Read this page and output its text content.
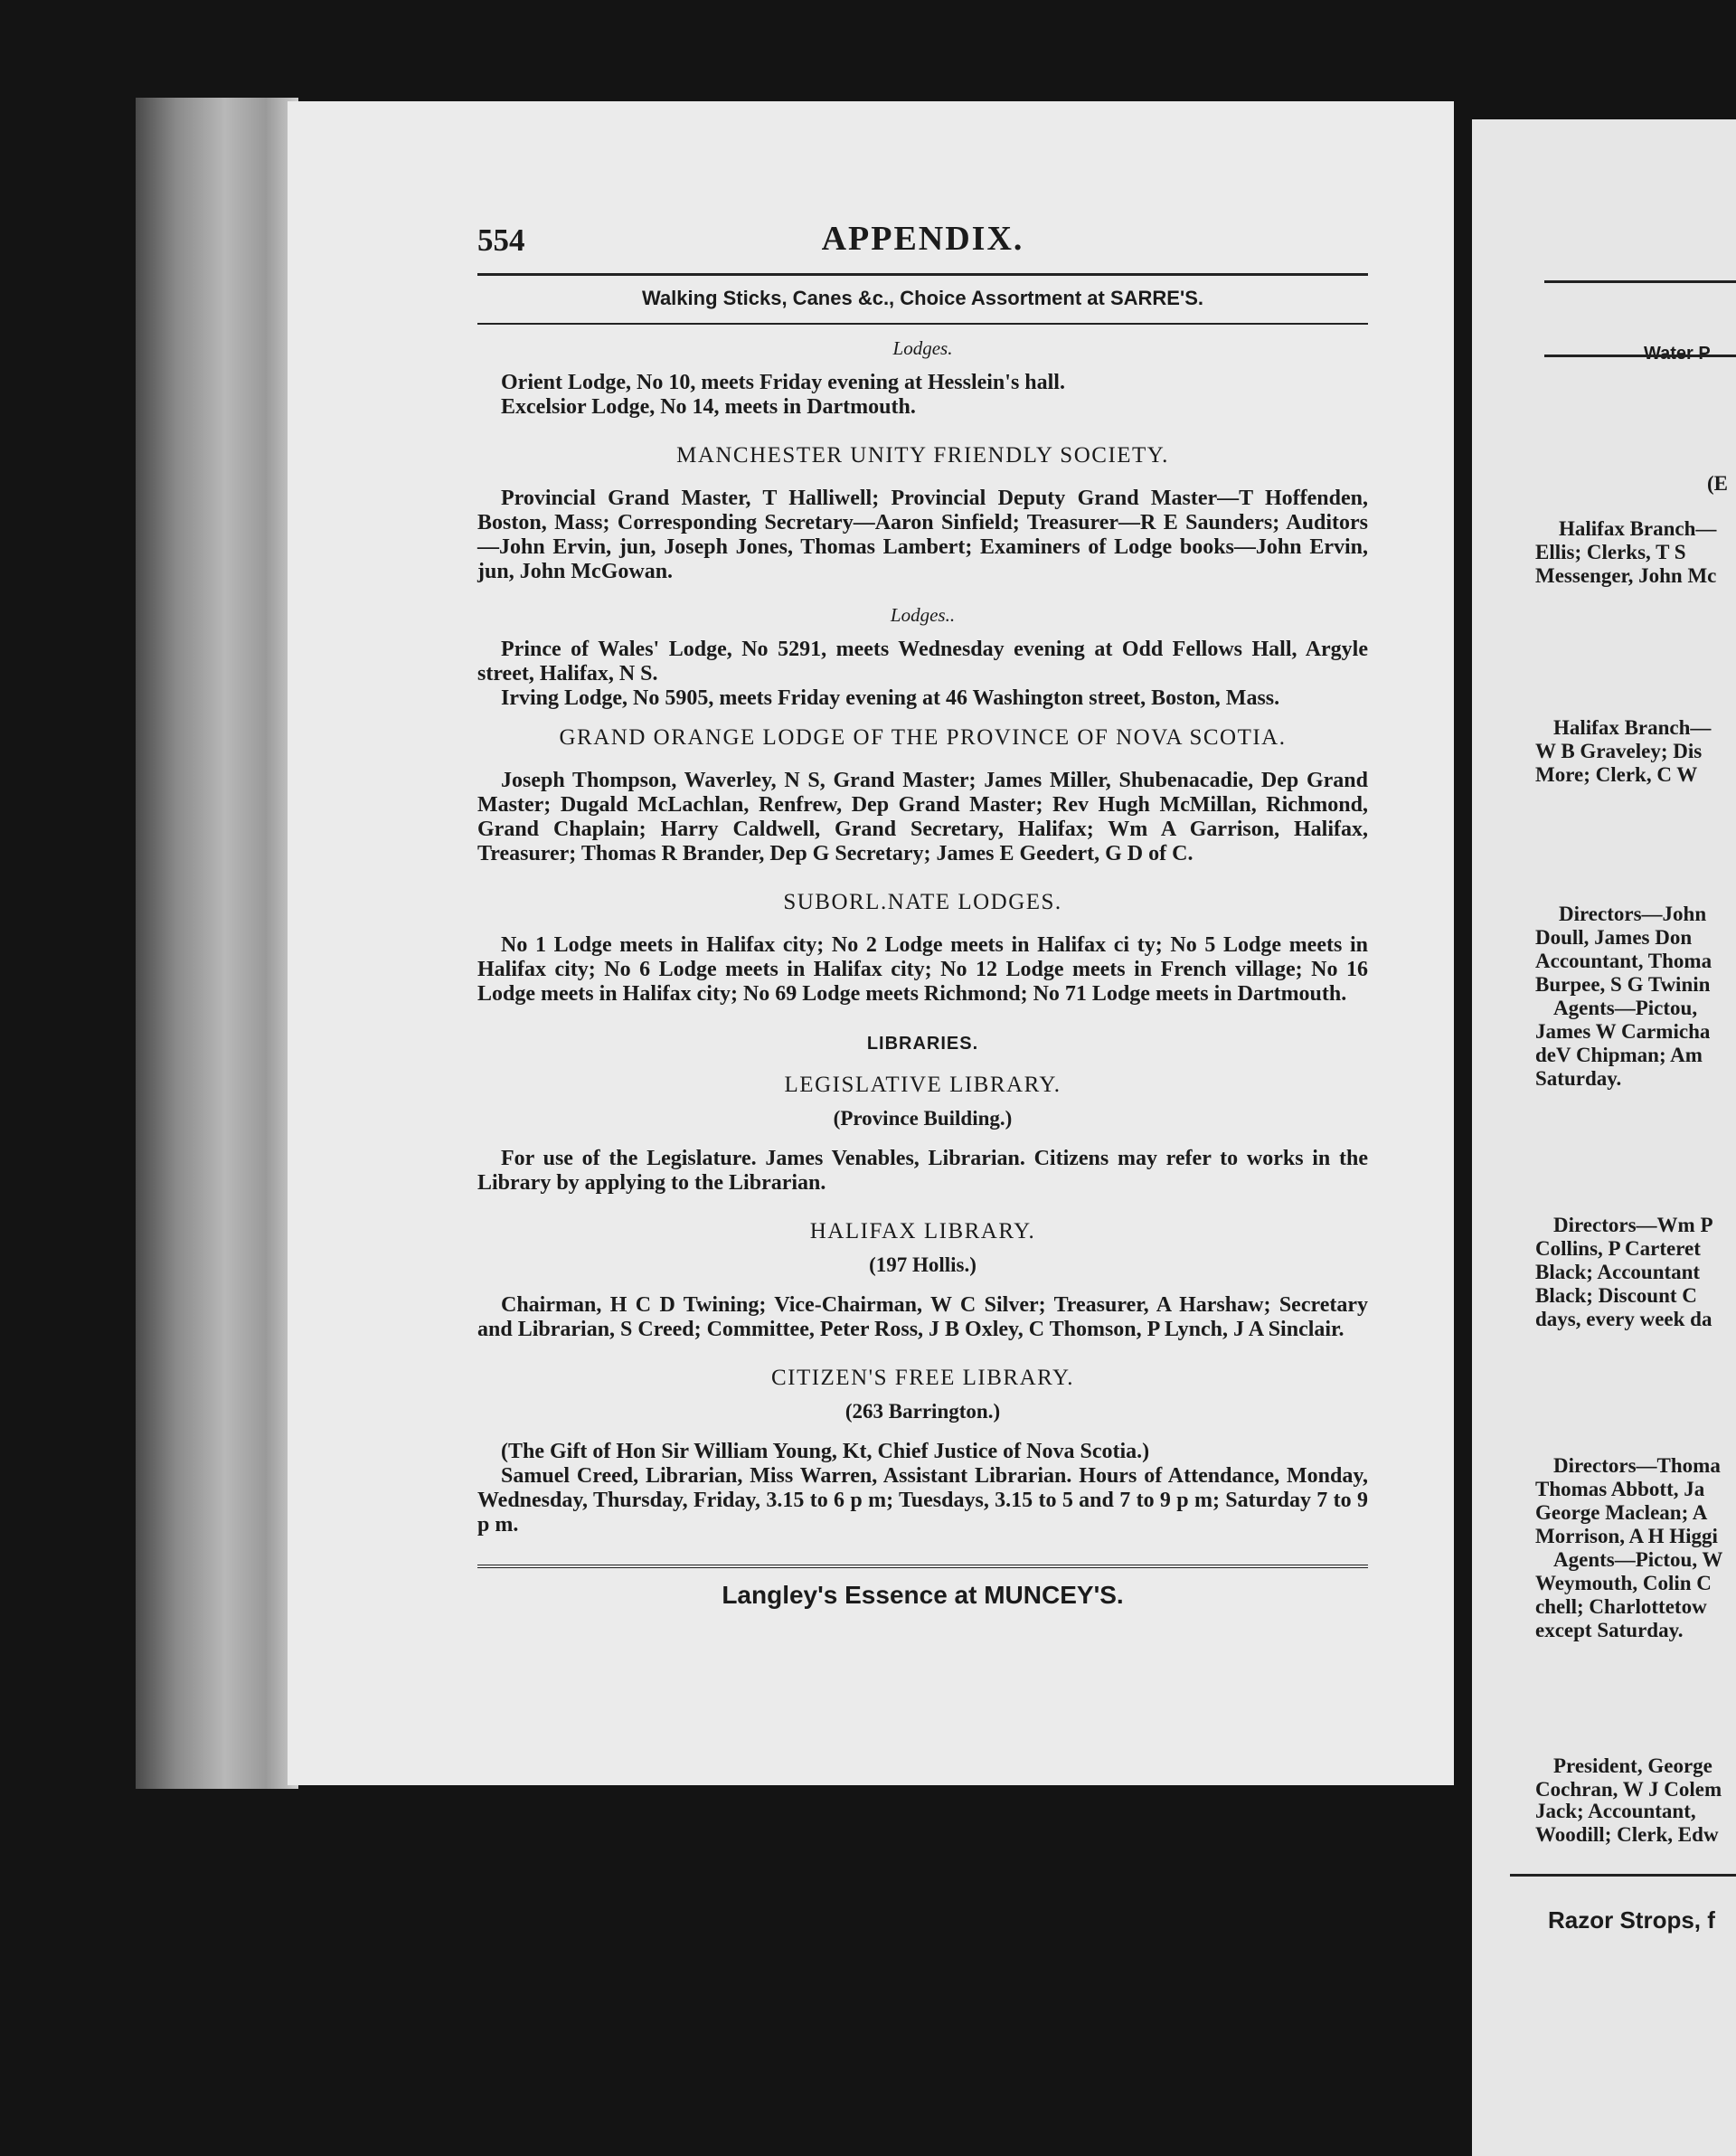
554	APPENDIX.
Walking Sticks, Canes &c., Choice Assortment at SARRE'S.
Lodges.

Orient Lodge, No 10, meets Friday evening at Hesslein's hall.

Excelsior Lodge, No 14, meets in Dartmouth.

MANCHESTER UNITY FRIENDLY SOCIETY.

Provincial Grand Master, T Halliwell; Provincial Deputy Grand Master—T Hoffenden, Boston, Mass; Corresponding Secretary—Aaron Sinfield; Treasurer—R E Saunders; Auditors—John Ervin, jun, Joseph Jones, Thomas Lambert; Examiners of Lodge books—John Ervin, jun, John McGowan.

Lodges..

Prince of Wales' Lodge, No 5291, meets Wednesday evening at Odd Fellows Hall, Argyle street, Halifax, N S.

Irving Lodge, No 5905, meets Friday evening at 46 Washington street, Boston, Mass.

GRAND ORANGE LODGE OF THE PROVINCE OF NOVA SCOTIA.

Joseph Thompson, Waverley, N S, Grand Master; James Miller, Shubenacadie, Dep Grand Master; Dugald McLachlan, Renfrew, Dep Grand Master; Rev Hugh McMillan, Richmond, Grand Chaplain; Harry Caldwell, Grand Secretary, Halifax; Wm A Garrison, Halifax, Treasurer; Thomas R Brander, Dep G Secretary; James E Geedert, G D of C.

SUBORL.NATE LODGES.

No 1 Lodge meets in Halifax city; No 2 Lodge meets in Halifax ci ty; No 5 Lodge meets in Halifax city; No 6 Lodge meets in Halifax city; No 12 Lodge meets in French village; No 16 Lodge meets in Halifax city; No 69 Lodge meets Richmond; No 71 Lodge meets in Dartmouth.

LIBRARIES.
LEGISLATIVE LIBRARY.
(Province Building.)

For use of the Legislature. James Venables, Librarian. Citizens may refer to works in the Library by applying to the Librarian.

HALIFAX LIBRARY.
(197 Hollis.)

Chairman, H C D Twining; Vice-Chairman, W C Silver; Treasurer, A Harshaw; Secretary and Librarian, S Creed; Committee, Peter Ross, J B Oxley, C Thomson, P Lynch, J A Sinclair.

CITIZEN'S FREE LIBRARY.
(263 Barrington.)

(The Gift of Hon Sir William Young, Kt, Chief Justice of Nova Scotia.)

Samuel Creed, Librarian, Miss Warren, Assistant Librarian. Hours of Attendance, Monday, Wednesday, Thursday, Friday, 3.15 to 6 p m; Tuesdays, 3.15 to 5 and 7 to 9 p m; Saturday 7 to 9 p m.

Langley's Essence at MUNCEY'S.
Water P
(E
Halifax Branch—
Ellis; Clerks, T S
Messenger, John Mc
Halifax Branch—
W B Graveley; Dis
More; Clerk, C W
Directors—John
Doull, James Don
Accountant, Thoma
Burpee, S G Twinin
Agents—Pictou,
James W Carmicha
deV Chipman; Am
Saturday.
Directors—Wm P
Collins, P Carteret
Black; Accountant
Black; Discount C
days, every week da
Directors—Thoma
Thomas Abbott, Ja
George Maclean; A
Morrison, A H Higgi
Agents—Pictou, W
Weymouth, Colin C
chell; Charlottetow
except Saturday.
President, George
Cochran, W J Colem
Jack; Accountant,
Woodill; Clerk, Edw
Razor Strops, f
